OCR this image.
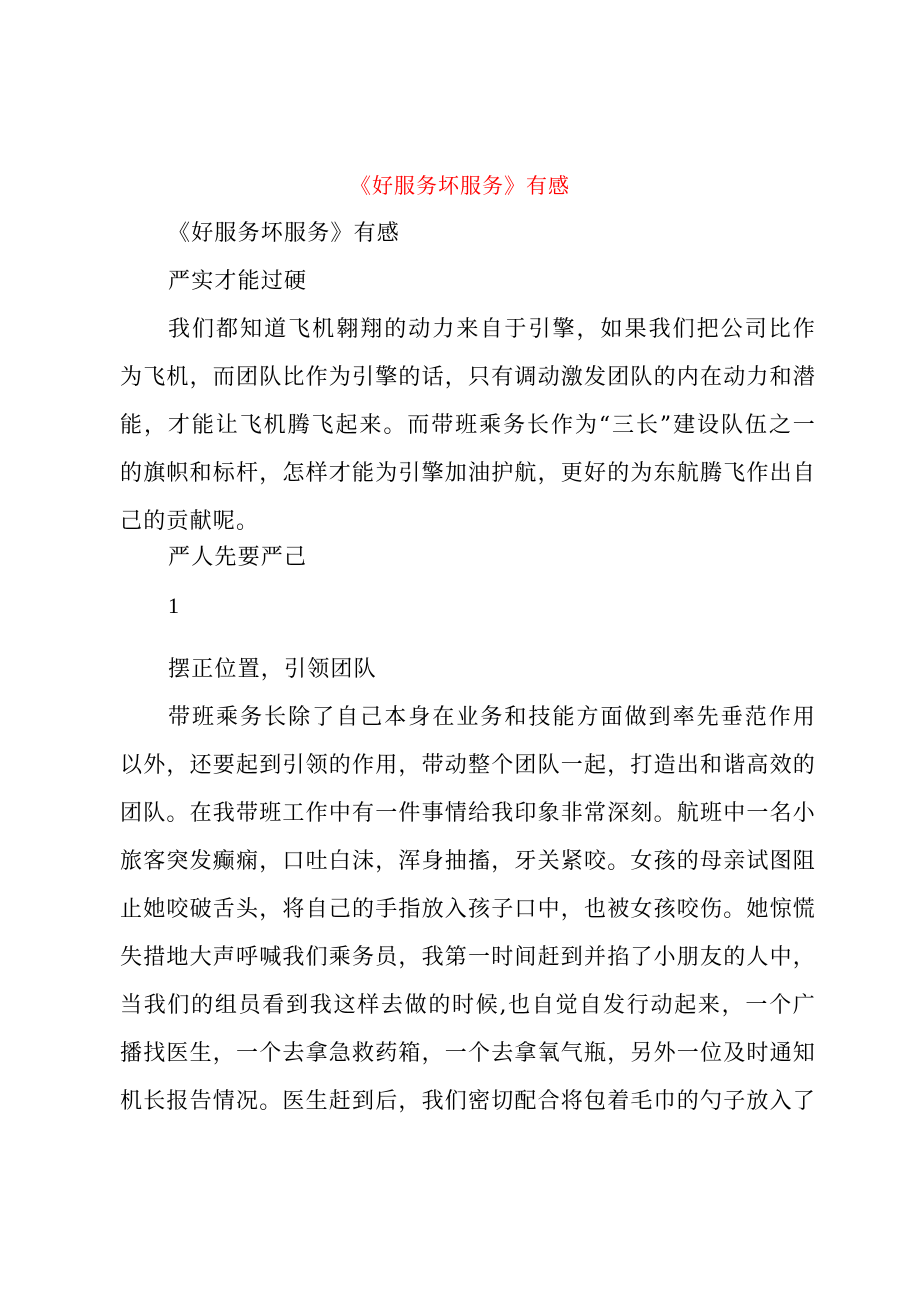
《好服务坏服务》有感

《好服务坏服务》有感

严实才能过硬

我们都知道飞机翱翔的动力来自于引擎，如果我们把公司比作为飞机，而团队比作为引擎的话，只有调动激发团队的内在动力和潜能，才能让飞机腾飞起来。而带班乘务长作为“三长”建设队伍之一的旗帜和标杆，怎样才能为引擎加油护航，更好的为东航腾飞作出自己的贡献呢。

严人先要严己

1

摆正位置，引领团队

带班乘务长除了自己本身在业务和技能方面做到率先垂范作用以外，还要起到引领的作用，带动整个团队一起，打造出和谐高效的团队。在我带班工作中有一件事情给我印象非常深刻。航班中一名小旅客突发癫痫，口吐白沫，浑身抽搐，牙关紧咬。女孩的母亲试图阻止她咬破舌头，将自己的手指放入孩子口中，也被女孩咬伤。她惊慌失措地大声呼喊我们乘务员，我第一时间赶到并掐了小朋友的人中，当我们的组员看到我这样去做的时候,也自觉自发行动起来，一个广播找医生，一个去拿急救药箱，一个去拿氧气瓶，另外一位及时通知机长报告情况。医生赶到后，我们密切配合将包着毛巾的勺子放入了
